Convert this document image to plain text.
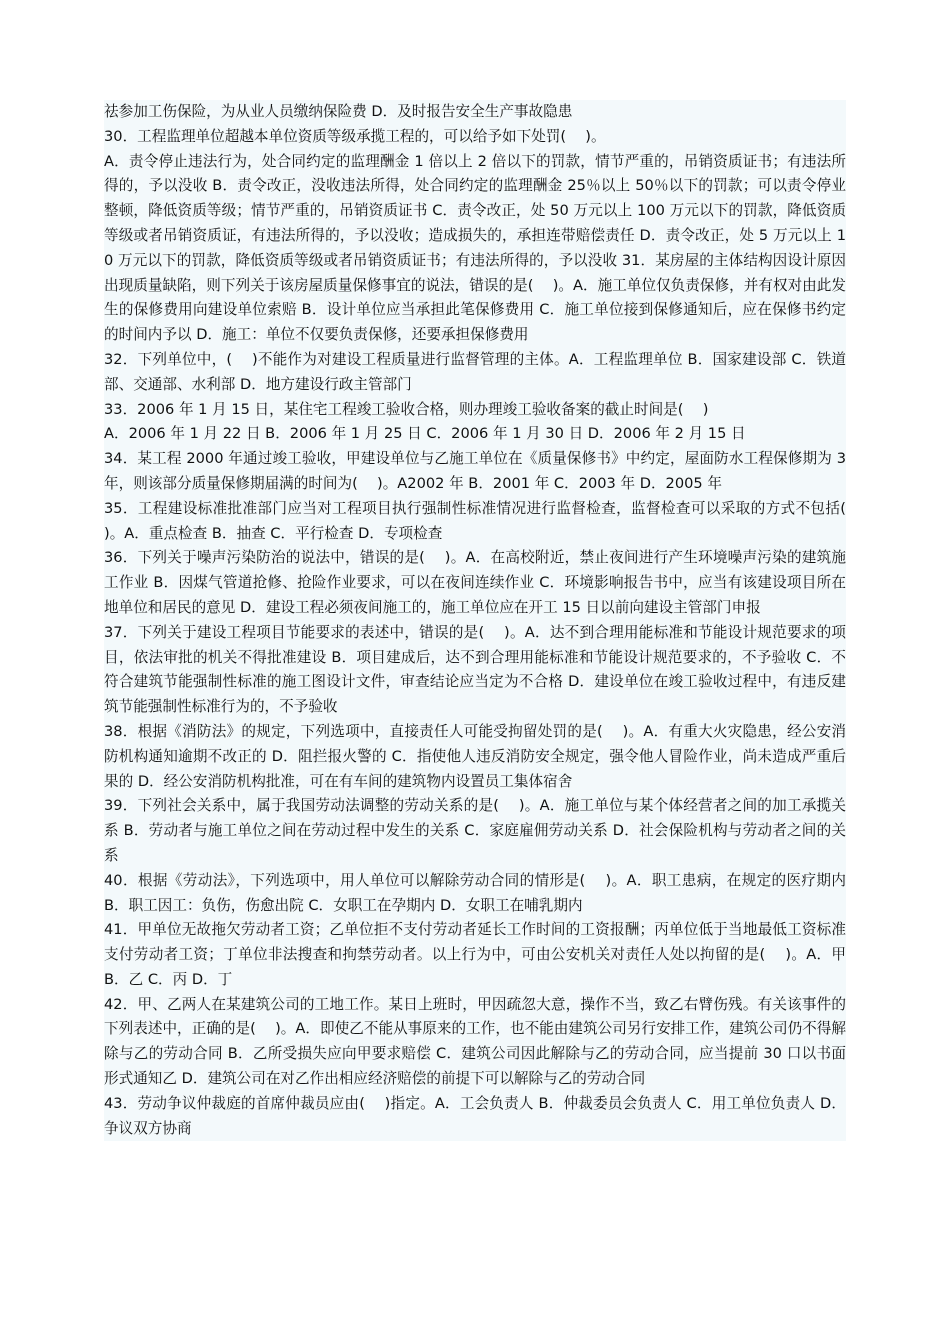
祛参加工伤保险，为从业人员缴纳保险费 D．及时报告安全生产事故隐患

30．工程监理单位超越本单位资质等级承揽工程的，可以给予如下处罚(　 )。

A．责令停止违法行为，处合同约定的监理酬金 1 倍以上 2 倍以下的罚款，情节严重的，吊销资质证书；有违法所得的，予以没收 B．责令改正，没收违法所得，处合同约定的监理酬金 25％以上 50％以下的罚款；可以责令停业整顿，降低资质等级；情节严重的，吊销资质证书 C．责令改正，处 50 万元以上 100 万元以下的罚款，降低资质等级或者吊销资质证，有违法所得的，予以没收；造成损失的，承担连带赔偿责任 D．责令改正，处 5 万元以上 10 万元以下的罚款，降低资质等级或者吊销资质证书；有违法所得的，予以没收 31．某房屋的主体结构因设计原因出现质量缺陷，则下列关于该房屋质量保修事宜的说法，错误的是(　 )。A．施工单位仅负责保修，并有权对由此发生的保修费用向建设单位索赔 B．设计单位应当承担此笔保修费用 C．施工单位接到保修通知后，应在保修书约定的时间内予以 D．施工：单位不仅要负责保修，还要承担保修费用

32．下列单位中，(　 )不能作为对建设工程质量进行监督管理的主体。A．工程监理单位 B．国家建设部 C．铁道部、交通部、水利部 D．地方建设行政主管部门

33．2006 年 1 月 15 日，某住宅工程竣工验收合格，则办理竣工验收备案的截止时间是(　 )

A．2006 年 1 月 22 日 B．2006 年 1 月 25 日 C．2006 年 1 月 30 日 D．2006 年 2 月 15 日

34．某工程 2000 年通过竣工验收，甲建设单位与乙施工单位在《质量保修书》中约定，屋面防水工程保修期为 3 年，则该部分质量保修期届满的时间为(　 )。A2002 年 B．2001 年 C．2003 年 D．2005 年

35．工程建设标准批准部门应当对工程项目执行强制性标准情况进行监督检查，监督检查可以采取的方式不包括(　 )。A．重点检查 B．抽查 C．平行检查 D．专项检查

36．下列关于噪声污染防治的说法中，错误的是(　 )。A．在高校附近，禁止夜间进行产生环境噪声污染的建筑施工作业 B．因煤气管道抢修、抢险作业要求，可以在夜间连续作业 C．环境影响报告书中，应当有该建设项目所在地单位和居民的意见 D．建设工程必须夜间施工的，施工单位应在开工 15 日以前向建设主管部门申报

37．下列关于建设工程项目节能要求的表述中，错误的是(　 )。A．达不到合理用能标准和节能设计规范要求的项目，依法审批的机关不得批准建设 B．项目建成后，达不到合理用能标准和节能设计规范要求的，不予验收 C．不符合建筑节能强制性标准的施工图设计文件，审查结论应当定为不合格 D．建设单位在竣工验收过程中，有违反建筑节能强制性标准行为的，不予验收

38．根据《消防法》的规定，下列选项中，直接责任人可能受拘留处罚的是(　 )。A．有重大火灾隐患，经公安消防机构通知逾期不改正的 D．阻拦报火警的 C．指使他人违反消防安全规定，强令他人冒险作业，尚未造成严重后果的 D．经公安消防机构批准，可在有车间的建筑物内设置员工集体宿舍

39．下列社会关系中，属于我国劳动法调整的劳动关系的是(　 )。A．施工单位与某个体经营者之间的加工承揽关系 B．劳动者与施工单位之间在劳动过程中发生的关系 C．家庭雇佣劳动关系 D．社会保险机构与劳动者之间的关系

40．根据《劳动法》，下列选项中，用人单位可以解除劳动合同的情形是(　 )。A．职工患病，在规定的医疗期内 B．职工因工：负伤，伤愈出院 C．女职工在孕期内 D．女职工在哺乳期内

41．甲单位无故拖欠劳动者工资；乙单位拒不支付劳动者延长工作时间的工资报酬；丙单位低于当地最低工资标准支付劳动者工资；丁单位非法搜查和拘禁劳动者。以上行为中，可由公安机关对责任人处以拘留的是(　 )。A．甲 B．乙 C．丙 D．丁

42．甲、乙两人在某建筑公司的工地工作。某日上班时，甲因疏忽大意，操作不当，致乙右臂伤残。有关该事件的下列表述中，正确的是(　 )。A．即使乙不能从事原来的工作，也不能由建筑公司另行安排工作，建筑公司仍不得解除与乙的劳动合同 B．乙所受损失应向甲要求赔偿 C．建筑公司因此解除与乙的劳动合同，应当提前 30 口以书面形式通知乙 D．建筑公司在对乙作出相应经济赔偿的前提下可以解除与乙的劳动合同

43．劳动争议仲裁庭的首席仲裁员应由(　 )指定。A．工会负责人 B．仲裁委员会负责人 C．用工单位负责人 D．争议双方协商
